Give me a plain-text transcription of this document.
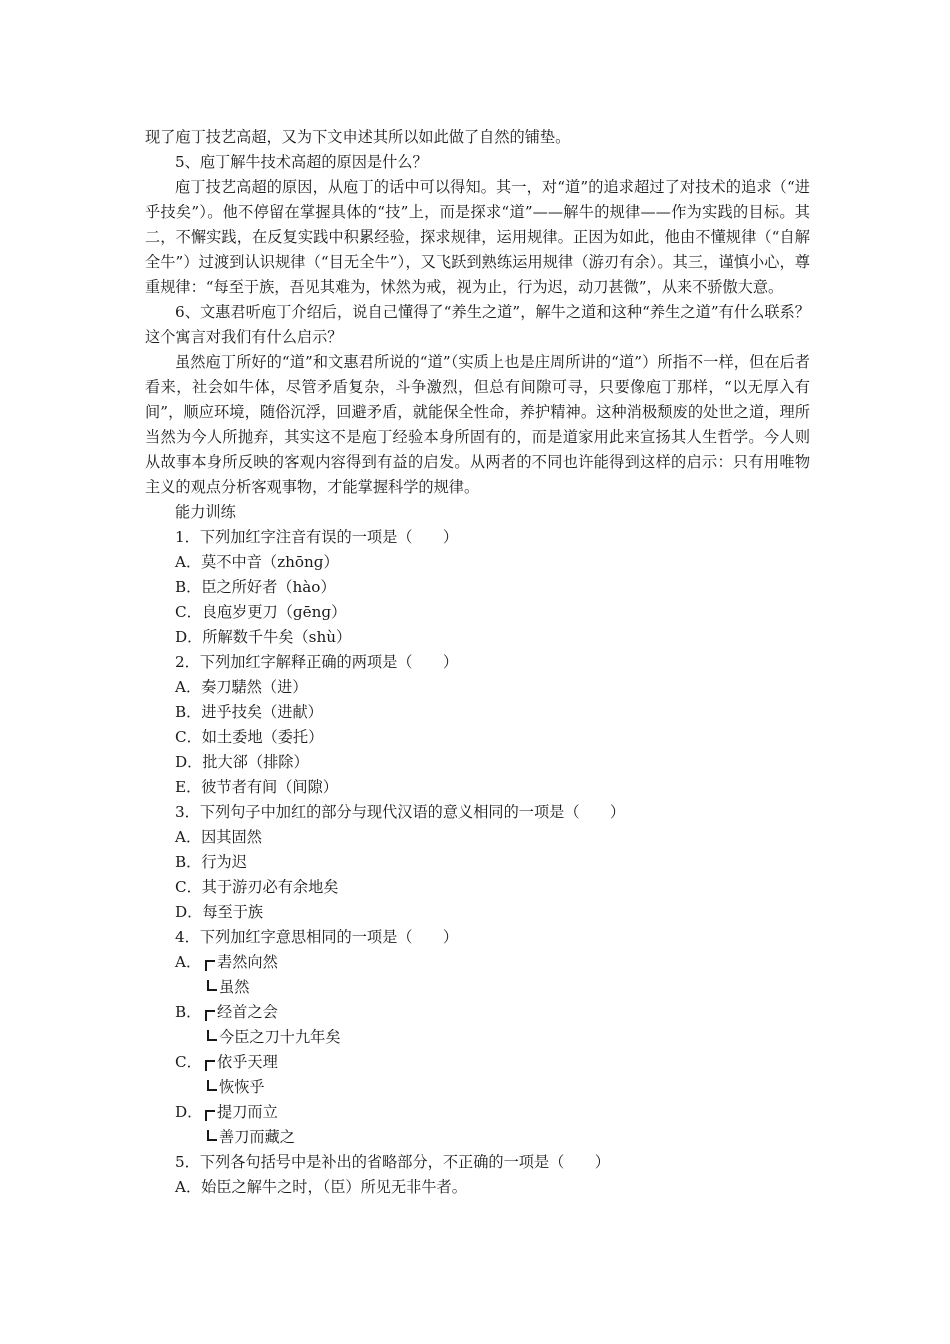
现了庖丁技艺高超，又为下文申述其所以如此做了自然的铺垫。

5、庖丁解牛技术高超的原因是什么？

庖丁技艺高超的原因，从庖丁的话中可以得知。其一，对“道”的追求超过了对技术的追求（“进乎技矣”）。他不停留在掌握具体的“技”上，而是探求“道”——解牛的规律——作为实践的目标。其二，不懈实践，在反复实践中积累经验，探求规律，运用规律。正因为如此，他由不懂规律（“自解全牛”）过渡到认识规律（“目无全牛”），又飞跃到熟练运用规律（游刃有余）。其三，谨慎小心，尊重规律：“每至于族，吾见其难为，怵然为戒，视为止，行为迟，动刀甚微”，从来不骄傲大意。

6、文惠君听庖丁介绍后，说自己懂得了“养生之道”，解牛之道和这种“养生之道”有什么联系？这个寓言对我们有什么启示？

虽然庖丁所好的“道”和文惠君所说的“道”（实质上也是庄周所讲的“道”）所指不一样，但在后者看来，社会如牛体，尽管矛盾复杂，斗争激烈，但总有间隙可寻，只要像庖丁那样，“以无厚入有间”，顺应环境，随俗沉浮，回避矛盾，就能保全性命，养护精神。这种消极颓废的处世之道，理所当然为今人所抛弃，其实这不是庖丁经验本身所固有的，而是道家用此来宣扬其人生哲学。今人则从故事本身所反映的客观内容得到有益的启发。从两者的不同也许能得到这样的启示：只有用唯物主义的观点分析客观事物，才能掌握科学的规律。

能力训练

1．下列加红字注音有误的一项是（　　）

A．莫不中音（zhōnɡ）

B．臣之所好者（hào）

C．良庖岁更刀（ɡēnɡ）

D．所解数千牛矣（shù）

2．下列加红字解释正确的两项是（　　）

A．奏刀騞然（进）

B．进乎技矣（进献）

C．如土委地（委托）

D．批大郤（排除）

E．彼节者有间（间隙）

3．下列句子中加红的部分与现代汉语的意义相同的一项是（　　）

A．因其固然

B．行为迟

C．其于游刃必有余地矣

D．每至于族

4．下列加红字意思相同的一项是（　　）

A． 砉然向然

虽然

B． 经首之会

今臣之刀十九年矣

C． 依乎天理

恢恢乎

D． 提刀而立

善刀而藏之

5．下列各句括号中是补出的省略部分，不正确的一项是（　　）

A．始臣之解牛之时，（臣）所见无非牛者。
